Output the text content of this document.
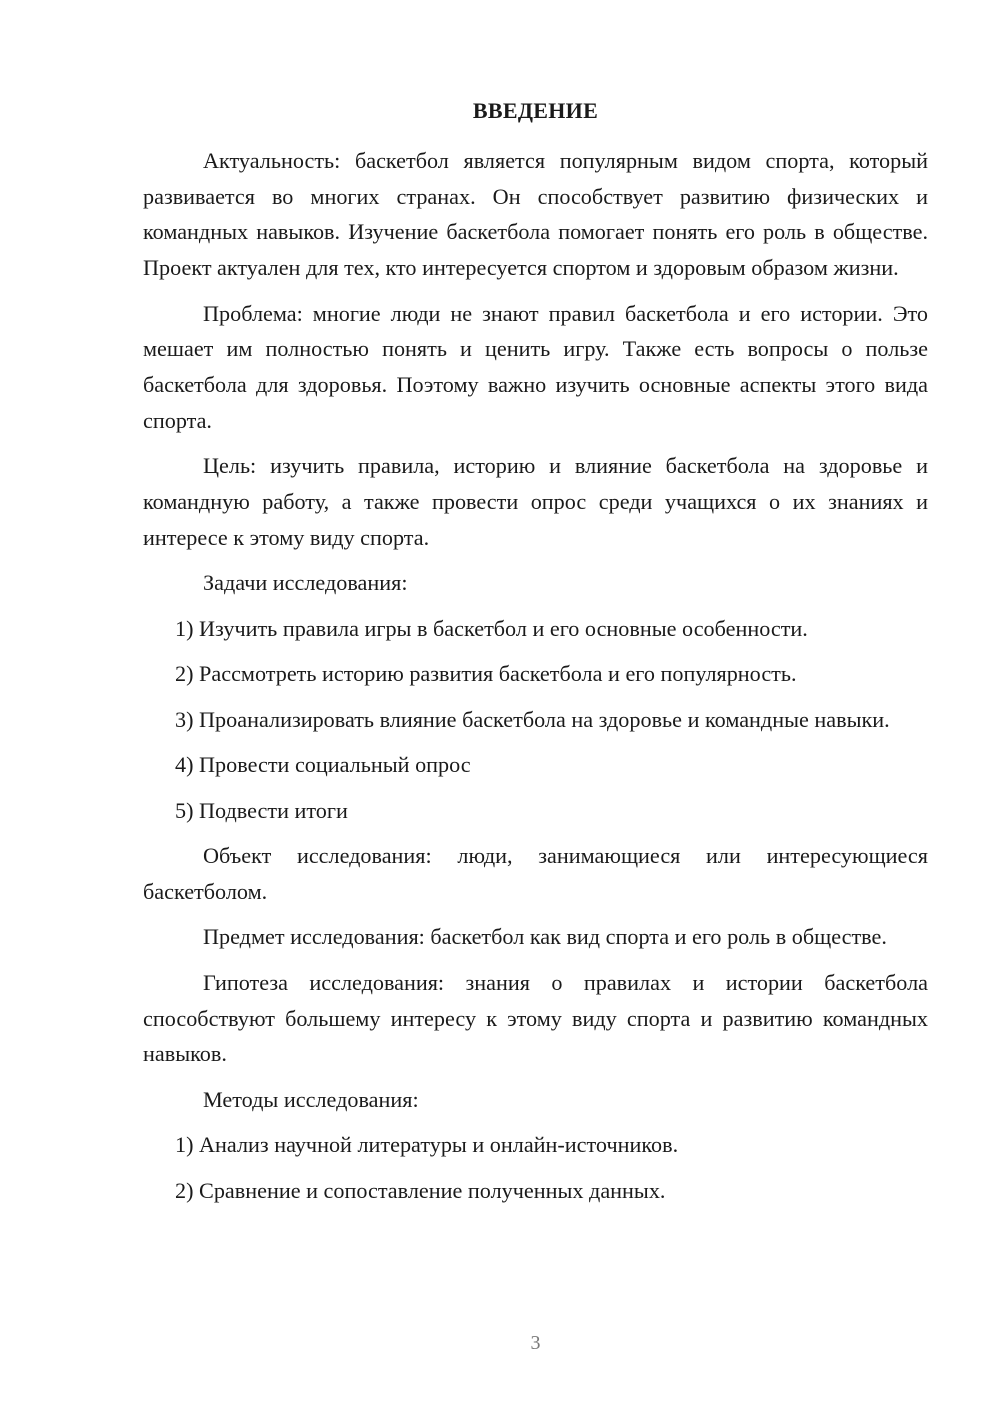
ВВЕДЕНИЕ

Актуальность: баскетбол является популярным видом спорта, который развивается во многих странах. Он способствует развитию физических и командных навыков. Изучение баскетбола помогает понять его роль в обществе. Проект актуален для тех, кто интересуется спортом и здоровым образом жизни.

Проблема: многие люди не знают правил баскетбола и его истории. Это мешает им полностью понять и ценить игру. Также есть вопросы о пользе баскетбола для здоровья. Поэтому важно изучить основные аспекты этого вида спорта.

Цель: изучить правила, историю и влияние баскетбола на здоровье и командную работу, а также провести опрос среди учащихся о их знаниях и интересе к этому виду спорта.

Задачи исследования:

1) Изучить правила игры в баскетбол и его основные особенности.

2) Рассмотреть историю развития баскетбола и его популярность.

3) Проанализировать влияние баскетбола на здоровье и командные навыки.

4) Провести социальный опрос

5) Подвести итоги

Объект исследования: люди, занимающиеся или интересующиеся баскетболом.

Предмет исследования: баскетбол как вид спорта и его роль в обществе.

Гипотеза исследования: знания о правилах и истории баскетбола способствуют большему интересу к этому виду спорта и развитию командных навыков.

Методы исследования:

1) Анализ научной литературы и онлайн-источников.

2) Сравнение и сопоставление полученных данных.

3
